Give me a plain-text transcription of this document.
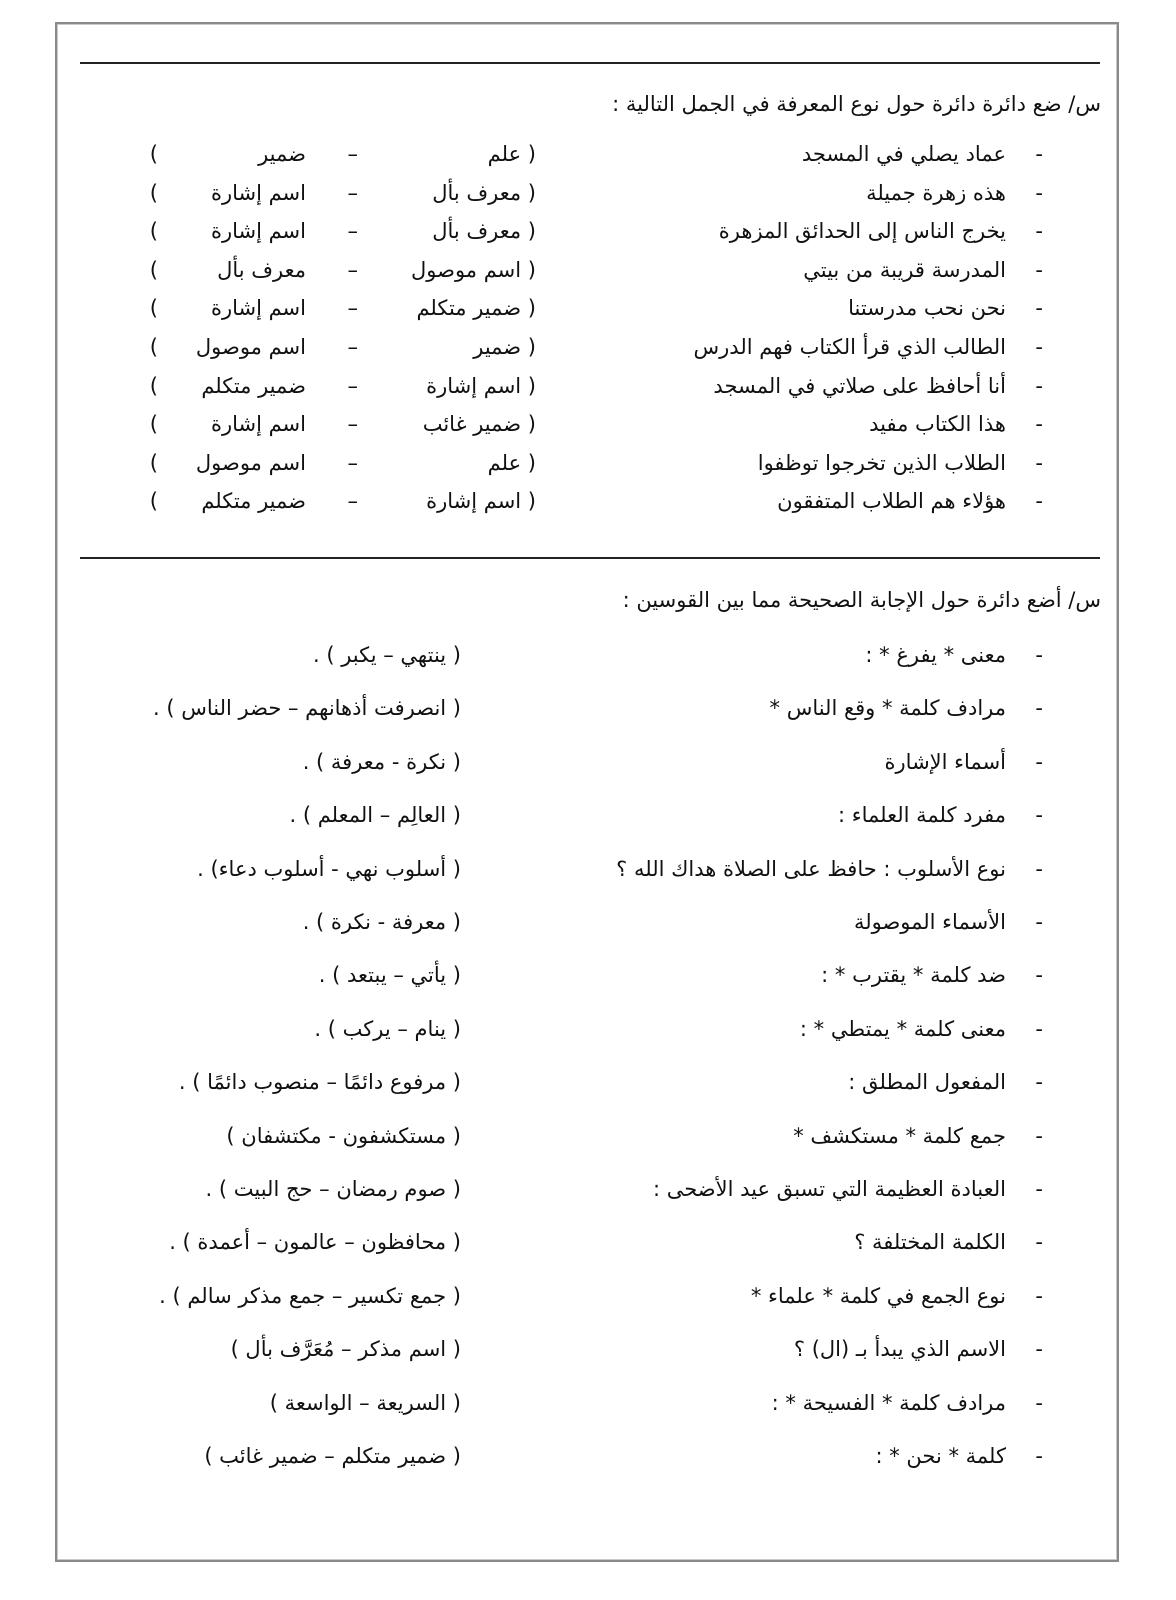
س/ ضع دائرة دائرة حول نوع المعرفة في الجمل التالية :
-
عماد يصلي في المسجد
( علم
–
ضمير
)
-
هذه زهرة جميلة
( معرف بأل
–
اسم إشارة
)
-
يخرج الناس إلى الحدائق المزهرة
( معرف بأل
–
اسم إشارة
)
-
المدرسة قريبة من بيتي
( اسم موصول
–
معرف بأل
)
-
نحن نحب مدرستنا
( ضمير متكلم
–
اسم إشارة
)
-
الطالب الذي قرأ الكتاب فهم الدرس
( ضمير
–
اسم موصول
)
-
أنا أحافظ على صلاتي في المسجد
( اسم إشارة
–
ضمير متكلم
)
-
هذا الكتاب مفيد
( ضمير غائب
–
اسم إشارة
)
-
الطلاب الذين تخرجوا توظفوا
( علم
–
اسم موصول
)
-
هؤلاء هم الطلاب المتفقون
( اسم إشارة
–
ضمير متكلم
)
س/ أضع دائرة حول الإجابة الصحيحة مما بين القوسين :
-
معنى * يفرغ * :
( ينتهي – يكبر ) .
-
مرادف كلمة * وقع الناس *
( انصرفت أذهانهم – حضر الناس ) .
-
أسماء الإشارة
( نكرة - معرفة ) .
-
مفرد كلمة العلماء :
( العالِم – المعلم ) .
-
نوع الأسلوب : حافظ على الصلاة هداك الله ؟
( أسلوب نهي - أسلوب دعاء) .
-
الأسماء الموصولة
( معرفة - نكرة ) .
-
ضد كلمة * يقترب * :
( يأتي – يبتعد ) .
-
معنى كلمة * يمتطي * :
( ينام – يركب ) .
-
المفعول المطلق :
( مرفوع دائمًا – منصوب دائمًا ) .
-
جمع كلمة * مستكشف *
( مستكشفون - مكتشفان )
-
العبادة العظيمة التي تسبق عيد الأضحى :
( صوم رمضان – حج البيت ) .
-
الكلمة المختلفة ؟
( محافظون – عالمون – أعمدة ) .
-
نوع الجمع في كلمة * علماء *
( جمع تكسير – جمع مذكر سالم ) .
-
الاسم الذي يبدأ بـ (ال) ؟
( اسم مذكر – مُعَرَّف بأل )
-
مرادف كلمة * الفسيحة * :
( السريعة – الواسعة )
-
كلمة * نحن * :
( ضمير متكلم – ضمير غائب )
